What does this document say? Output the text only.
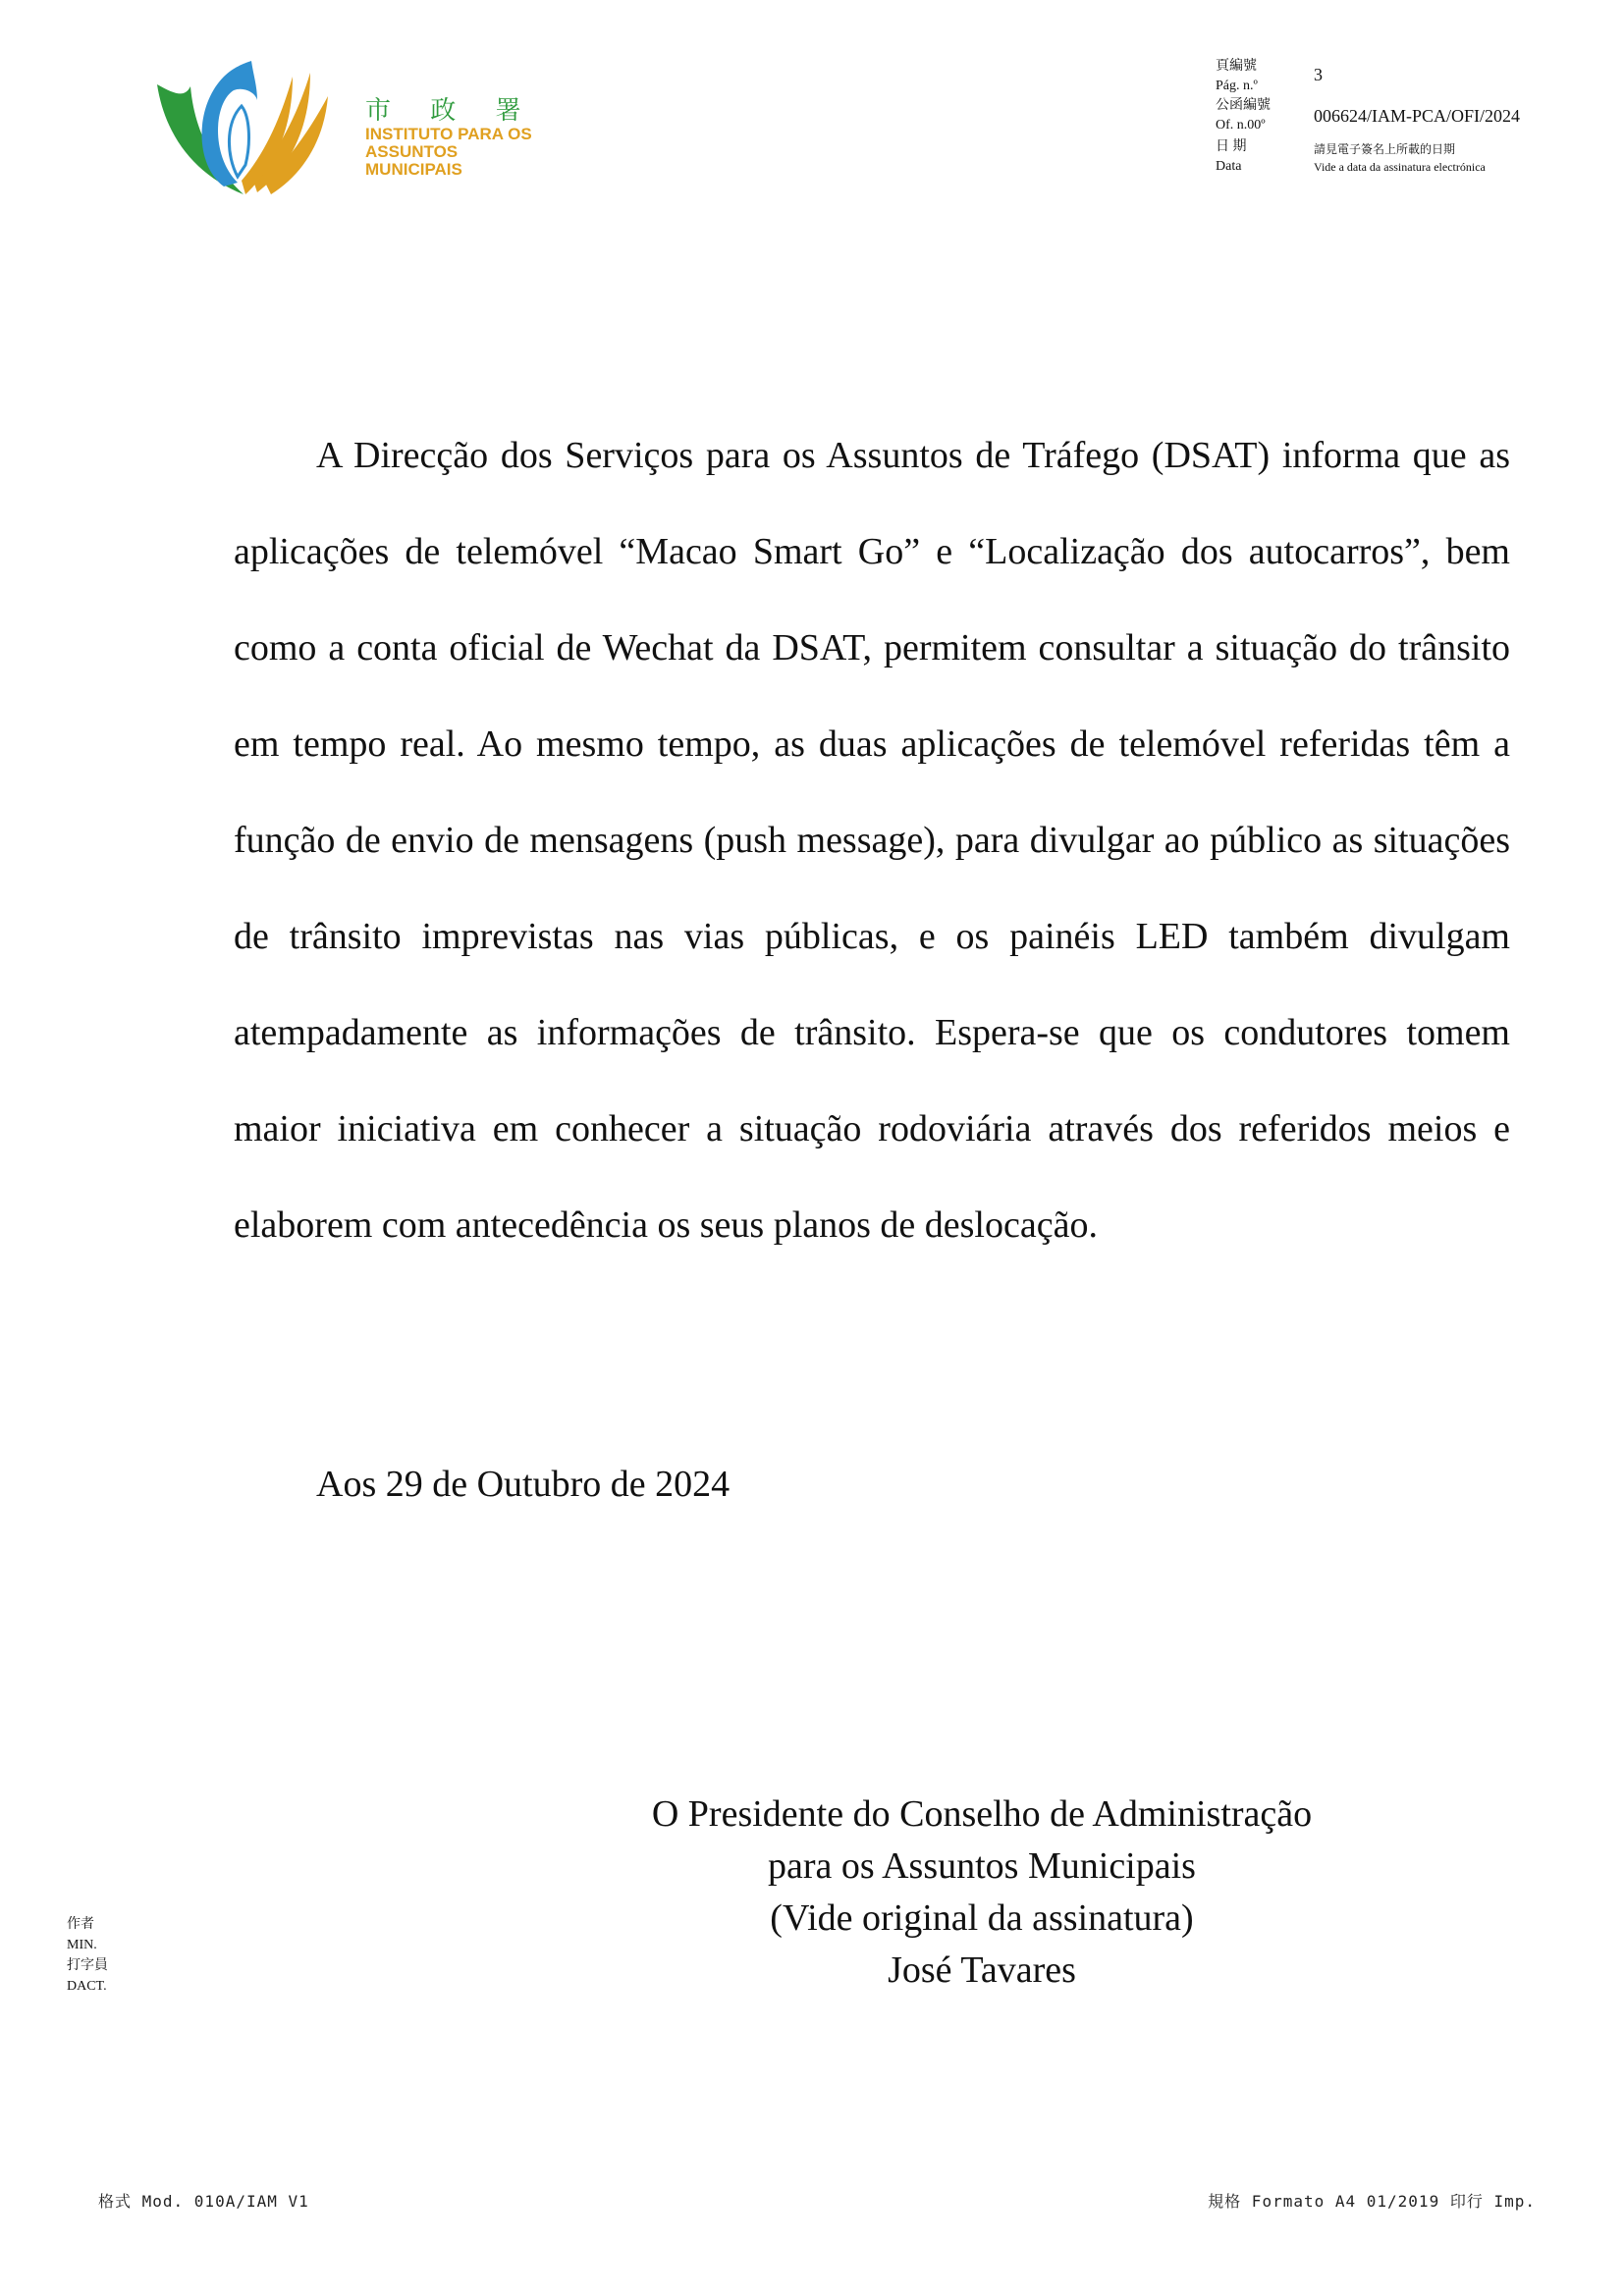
市 政 署
INSTITUTO PARA OS
ASSUNTOS MUNICIPAIS
頁編號
Pág. n.º
3
公函編號
Of. n.00º	006624/IAM-PCA/OFI/2024
日 期
Data
請見電子簽名上所載的日期
Vide a data da assinatura electrónica

A Direcção dos Serviços para os Assuntos de Tráfego (DSAT) informa que as aplicações de telemóvel “Macao Smart Go” e “Localização dos autocarros”, bem como a conta oficial de Wechat da DSAT, permitem consultar a situação do trânsito em tempo real. Ao mesmo tempo, as duas aplicações de telemóvel referidas têm a função de envio de mensagens (push message), para divulgar ao público as situações de trânsito imprevistas nas vias públicas, e os painéis LED também divulgam atempadamente as informações de trânsito. Espera-se que os condutores tomem maior iniciativa em conhecer a situação rodoviária através dos referidos meios e elaborem com antecedência os seus planos de deslocação.

Aos 29 de Outubro de 2024

O Presidente do Conselho de Administração
para os Assuntos Municipais
(Vide original da assinatura)
José Tavares
作者
MIN.
打字員
DACT.
格式 Mod. 010A/IAM V1	規格 Formato A4 01/2019 印行 Imp.
